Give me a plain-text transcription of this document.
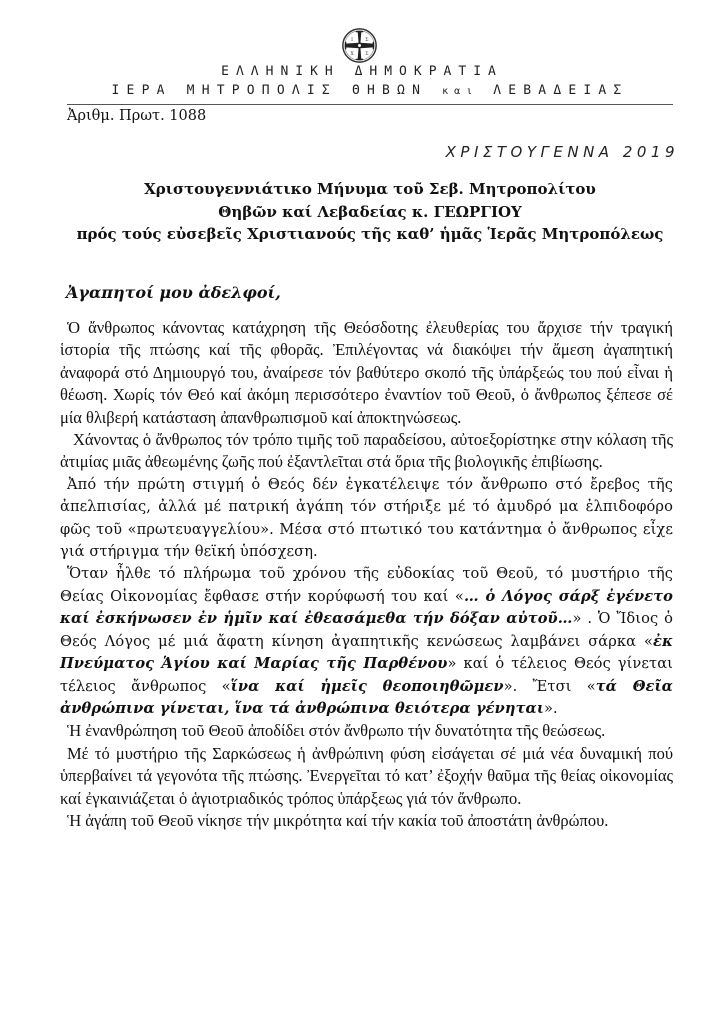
Ι Σ
Χ Σ
ΕΛΛΗΝΙΚΗ ΔΗΜΟΚΡΑΤΙΑ
ΙΕΡΑ ΜΗΤΡΟΠΟΛΙΣ ΘΗΒΩΝ και ΛΕΒΑΔΕΙΑΣ
Ἀριθμ. Πρωτ. 1088
ΧΡΙΣΤΟΥΓΕΝΝΑ 2019
Χριστουγεννιάτικο Μήνυμα τοῦ Σεβ. Μητροπολίτου
Θηβῶν καί Λεβαδείας κ. ΓΕΩΡΓΙΟΥ
πρός τούς εὐσεβεῖς Χριστιανούς τῆς καθ’ ἡμᾶς Ἱερᾶς Μητροπόλεως
Ἀγαπητοί μου ἀδελφοί,

Ὁ ἄνθρωπος κάνοντας κατάχρηση τῆς Θεόσδοτης ἐλευθερίας του ἄρχισε τήν τραγική ἱστορία τῆς πτώσης καί τῆς φθορᾶς. Ἐπιλέγοντας νά διακόψει τήν ἄμεση ἀγαπητική ἀναφορά στό Δημιουργό του, ἀναίρεσε τόν βαθύτερο σκοπό τῆς ὑπάρξεώς του πού εἶναι ἡ θέωση. Χωρίς τόν Θεό καί ἀκόμη περισσότερο ἐναντίον τοῦ Θεοῦ, ὁ ἄνθρωπος ξέπεσε σέ μία θλιβερή κατάσταση ἀπανθρωπισμοῦ καί ἀποκτηνώσεως.

Χάνοντας ὁ ἄνθρωπος τόν τρόπο τιμῆς τοῦ παραδείσου, αὐτοεξορίστηκε στην κόλαση τῆς ἀτιμίας μιᾶς ἀθεωμένης ζωῆς πού ἐξαντλεῖται στά ὅρια τῆς βιολογικῆς ἐπιβίωσης.

Ἀπό τήν πρώτη στιγμή ὁ Θεός δέν ἐγκατέλειψε τόν ἄνθρωπο στό ἔρεβος τῆς ἀπελπισίας, ἀλλά μέ πατρική ἀγάπη τόν στήριξε μέ τό ἀμυδρό μα ἐλπιδοφόρο φῶς τοῦ «πρωτευαγγελίου». Μέσα στό πτωτικό του κατάντημα ὁ ἄνθρωπος εἶχε γιά στήριγμα τήν θεϊκή ὑπόσχεση.

Ὅταν ἦλθε τό πλήρωμα τοῦ χρόνου τῆς εὐδοκίας τοῦ Θεοῦ, τό μυστήριο τῆς Θείας Οἰκονομίας ἔφθασε στήν κορύφωσή του καί «… ὁ Λόγος σάρξ ἐγένετο καί ἐσκήνωσεν ἐν ἡμῖν καί ἐθεασάμεθα τήν δόξαν αὐτοῦ…» . Ὁ Ἴδιος ὁ Θεός Λόγος μέ μιά ἄφατη κίνηση ἀγαπητικῆς κενώσεως λαμβάνει σάρκα «ἐκ Πνεύματος Ἁγίου καί Μαρίας τῆς Παρθένου» καί ὁ τέλειος Θεός γίνεται τέλειος ἄνθρωπος «ἵνα καί ἡμεῖς θεοποιηθῶμεν». Ἔτσι «τά Θεῖα ἀνθρώπινα γίνεται, ἵνα τά ἀνθρώπινα θειότερα γένηται».

Ἡ ἐνανθρώπηση τοῦ Θεοῦ ἀποδίδει στόν ἄνθρωπο τήν δυνατότητα τῆς θεώσεως.

Μέ τό μυστήριο τῆς Σαρκώσεως ἡ ἀνθρώπινη φύση εἰσάγεται σέ μιά νέα δυναμική πού ὑπερβαίνει τά γεγονότα τῆς πτώσης. Ἐνεργεῖται τό κατ’ ἐξοχήν θαῦμα τῆς θείας οἰκονομίας καί ἐγκαινιάζεται ὁ ἁγιοτριαδικός τρόπος ὑπάρξεως γιά τόν ἄνθρωπο.

Ἡ ἀγάπη τοῦ Θεοῦ νίκησε τήν μικρότητα καί τήν κακία τοῦ ἀποστάτη ἀνθρώπου.
